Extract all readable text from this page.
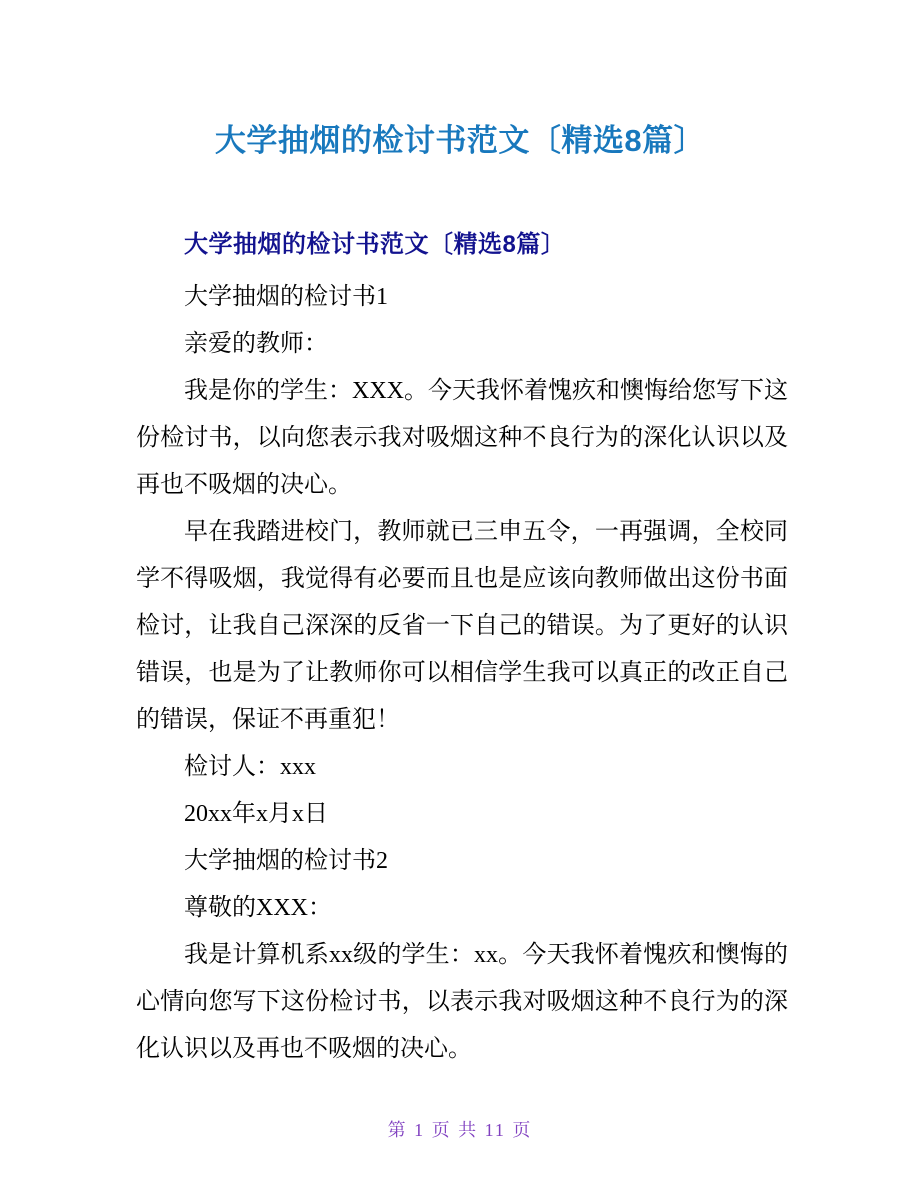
大学抽烟的检讨书范文〔精选8篇〕
大学抽烟的检讨书范文〔精选8篇〕

大学抽烟的检讨书1

亲爱的教师：

我是你的学生：XXX。今天我怀着愧疚和懊悔给您写下这份检讨书，以向您表示我对吸烟这种不良行为的深化认识以及再也不吸烟的决心。

早在我踏进校门，教师就已三申五令，一再强调，全校同学不得吸烟，我觉得有必要而且也是应该向教师做出这份书面检讨，让我自己深深的反省一下自己的错误。为了更好的认识错误，也是为了让教师你可以相信学生我可以真正的改正自己的错误，保证不再重犯！

检讨人：xxx

20xx年x月x日

大学抽烟的检讨书2

尊敬的XXX：

我是计算机系xx级的学生：xx。今天我怀着愧疚和懊悔的心情向您写下这份检讨书，以表示我对吸烟这种不良行为的深化认识以及再也不吸烟的决心。

第 1 页 共 11 页
